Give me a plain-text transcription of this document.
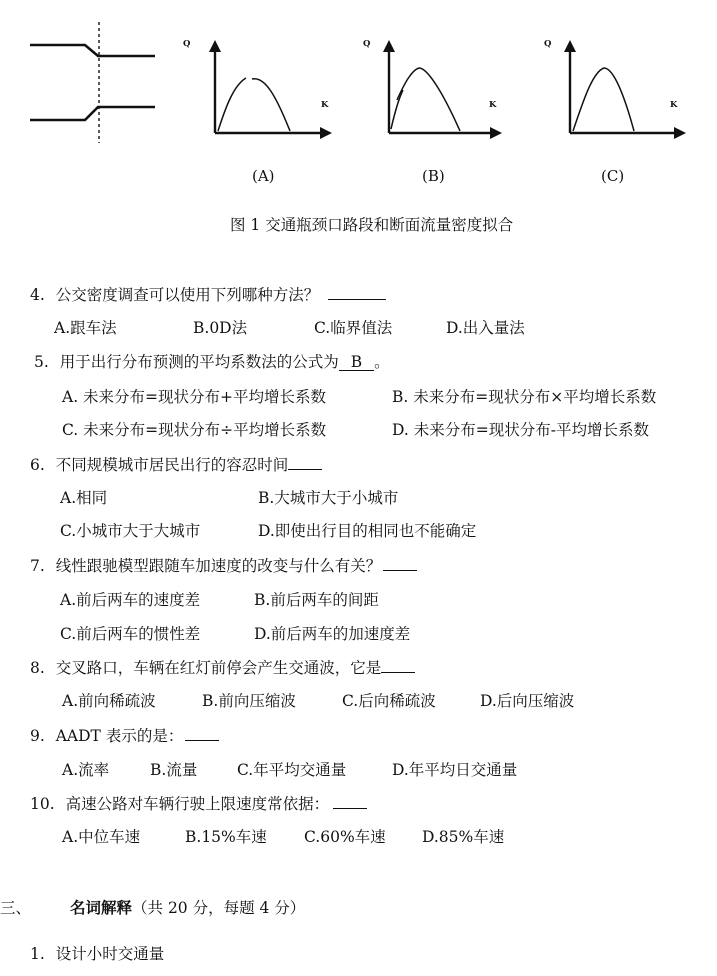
Q
K
Q
K
Q
K
(A)	(B)	(C)
图 1 交通瓶颈口路段和断面流量密度拟合
4. 公交密度调查可以使用下列哪种方法？
A.跟车法	B.0D法	C.临界值法	D.出入量法
5. 用于出行分布预测的平均系数法的公式为 B 。
A. 未来分布=现状分布+平均增长系数	B. 未来分布=现状分布×平均增长系数
C. 未来分布=现状分布÷平均增长系数	D. 未来分布=现状分布-平均增长系数
6. 不同规模城市居民出行的容忍时间
A.相同	B.大城市大于小城市
C.小城市大于大城市	D.即使出行目的相同也不能确定
7. 线性跟驰模型跟随车加速度的改变与什么有关？
A.前后两车的速度差	B.前后两车的间距
C.前后两车的惯性差	D.前后两车的加速度差
8. 交叉路口，车辆在红灯前停会产生交通波，它是
A.前向稀疏波	B.前向压缩波	C.后向稀疏波	D.后向压缩波
9. AADT 表示的是：
A.流率	B.流量	C.年平均交通量	D.年平均日交通量
10. 高速公路对车辆行驶上限速度常依据：
A.中位车速	B.15%车速 C.60%车速 D.85%车速
三、	名词解释（共 20 分，每题 4 分）
1. 设计小时交通量
